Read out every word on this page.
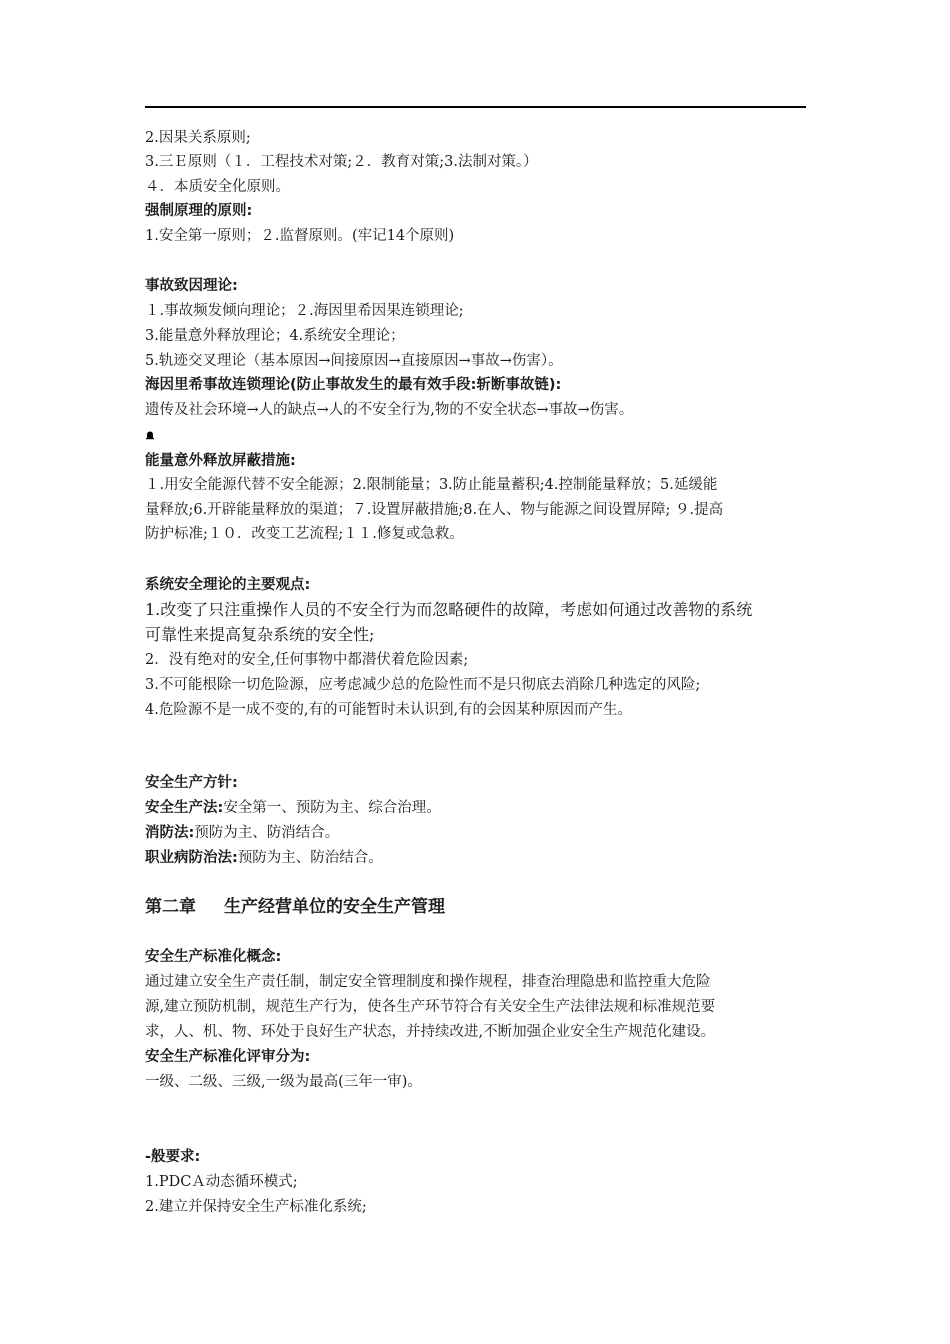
2.因果关系原则;
3.三Ｅ原则（１．工程技术对策;２．教育对策;3.法制对策。）
４．本质安全化原则。
强制原理的原则:
1.安全第一原则；２.监督原则。(牢记14个原则)
事故致因理论:
１.事故频发倾向理论；２.海因里希因果连锁理论;
3.能量意外释放理论；4.系统安全理论；
5.轨迹交叉理论（基本原因→间接原因→直接原因→事故→伤害）。
海因里希事故连锁理论(防止事故发生的最有效手段:斩断事故链):
遗传及社会环境→人的缺点→人的不安全行为,物的不安全状态→事故→伤害。
能量意外释放屏蔽措施:
１.用安全能源代替不安全能源；2.限制能量；3.防止能量蓄积;4.控制能量释放；5.延缓能
量释放;6.开辟能量释放的渠道；７.设置屏蔽措施;8.在人、物与能源之间设置屏障; ９.提高
防护标准;１０．改变工艺流程;１１.修复或急救。
系统安全理论的主要观点:
1.改变了只注重操作人员的不安全行为而忽略硬件的故障，考虑如何通过改善物的系统
可靠性来提高复杂系统的安全性;
2．没有绝对的安全,任何事物中都潜伏着危险因素;
3.不可能根除一切危险源，应考虑减少总的危险性而不是只彻底去消除几种选定的风险;
4.危险源不是一成不变的,有的可能暂时未认识到,有的会因某种原因而产生。
安全生产方针:
安全生产法:安全第一、预防为主、综合治理。
消防法:预防为主、防消结合。
职业病防治法:预防为主、防治结合。
第二章 生产经营单位的安全生产管理
安全生产标准化概念:
通过建立安全生产责任制，制定安全管理制度和操作规程，排查治理隐患和监控重大危险
源,建立预防机制，规范生产行为，使各生产环节符合有关安全生产法律法规和标准规范要
求，人、机、物、环处于良好生产状态，并持续改进,不断加强企业安全生产规范化建设。
安全生产标准化评审分为:
一级、二级、三级,一级为最高(三年一审)。
-般要求:
1.PDCＡ动态循环模式;
2.建立并保持安全生产标准化系统;
